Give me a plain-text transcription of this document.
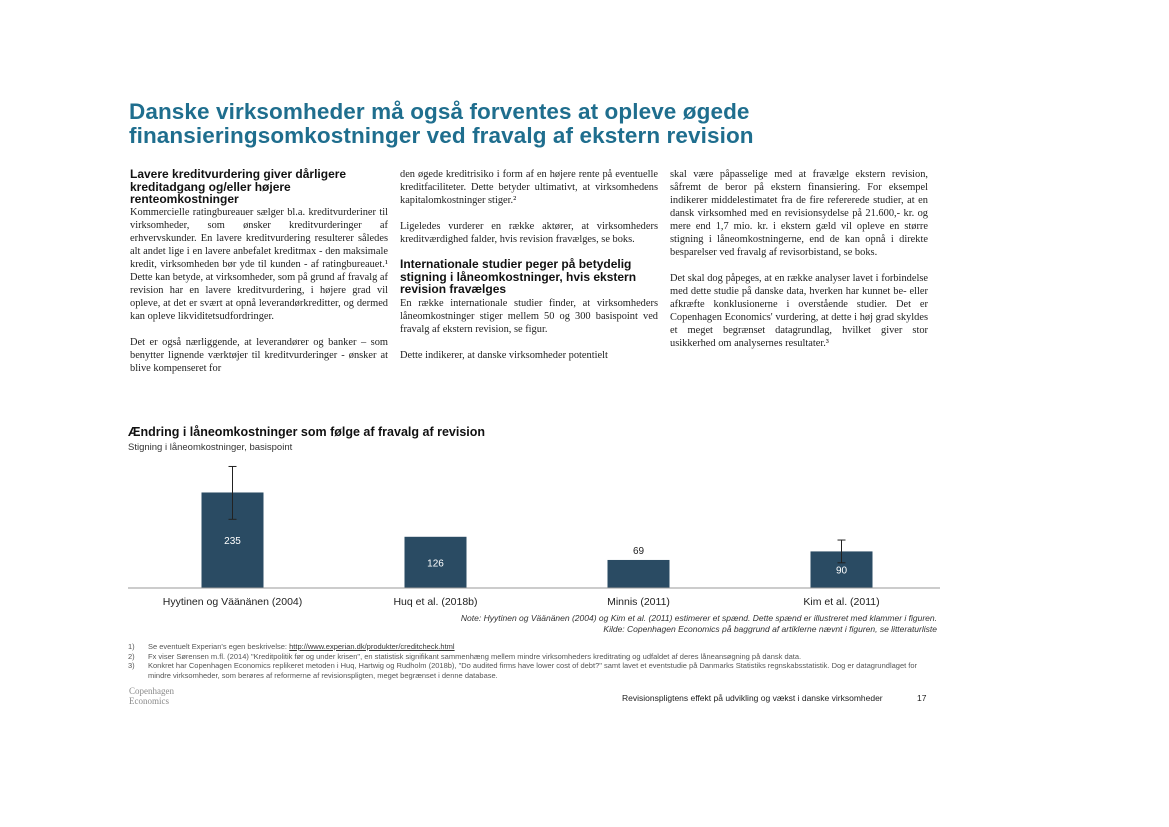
Danske virksomheder må også forventes at opleve øgede
finansieringsomkostninger ved fravalg af ekstern revision
Lavere kreditvurdering giver dårligere kreditadgang og/eller højere renteomkostninger
Kommercielle ratingbureauer sælger bl.a. kreditvurderiner til virksomheder, som ønsker kreditvurderinger af erhvervskunder. En lavere kreditvurdering resulterer således alt andet lige i en lavere anbefalet kreditmax - den maksimale kredit, virksomheden bør yde til kunden - af ratingbureauet.¹ Dette kan betyde, at virksomheder, som på grund af fravalg af revision har en lavere kreditvurdering, i højere grad vil opleve, at det er svært at opnå leverandørkreditter, og dermed kan opleve likviditetsudfordringer.
Det er også nærliggende, at leverandører og banker – som benytter lignende værktøjer til kreditvurderinger - ønsker at blive kompenseret for
den øgede kreditrisiko i form af en højere rente på eventuelle kreditfaciliteter. Dette betyder ultimativt, at virksomhedens kapitalomkostninger stiger.²
Ligeledes vurderer en række aktører, at virksomheders kreditværdighed falder, hvis revision fravælges, se boks.
Internationale studier peger på betydelig stigning i låneomkostninger, hvis ekstern revision fravælges
En række internationale studier finder, at virksomheders låneomkostninger stiger mellem 50 og 300 basispoint ved fravalg af ekstern revision, se figur.
Dette indikerer, at danske virksomheder potentielt
skal være påpasselige med at fravælge ekstern revision, såfremt de beror på ekstern finansiering. For eksempel indikerer middelestimatet fra de fire refererede studier, at en dansk virksomhed med en revisionsydelse på 21.600,- kr. og mere end 1,7 mio. kr. i ekstern gæld vil opleve en større stigning i låneomkostningerne, end de kan opnå i direkte besparelser ved fravalg af revisorbistand, se boks.
Det skal dog påpeges, at en række analyser lavet i forbindelse med dette studie på danske data, hverken har kunnet be- eller afkræfte konklusionerne i overstående studier. Det er Copenhagen Economics' vurdering, at dette i høj grad skyldes et meget begrænset datagrundlag, hvilket giver stor usikkerhed om analysernes resultater.³
Ændring i låneomkostninger som følge af fravalg af revision
Stigning i låneomkostninger, basispoint
235
Hyytinen og Väänänen (2004)
126
Huq et al. (2018b)
69
Minnis (2011)
90
Kim et al. (2011)
Note: Hyytinen og Väänänen (2004) og Kim et al. (2011) estimerer et spænd. Dette spænd er illustreret med klammer i figuren.
Kilde: Copenhagen Economics på baggrund af artiklerne nævnt i figuren, se litteraturliste
1)	Se eventuelt Experian's egen beskrivelse: http://www.experian.dk/produkter/creditcheck.html
2)	Fx viser Sørensen m.fl. (2014) "Kreditpolitik før og under krisen", en statistisk signifikant sammenhæng mellem mindre virksomheders kreditrating og udfaldet af deres låneansøgning på dansk data.
3)	Konkret har Copenhagen Economics replikeret metoden i Huq, Hartwig og Rudholm (2018b), "Do audited firms have lower cost of debt?" samt lavet et eventstudie på Danmarks Statistiks regnskabsstatistik. Dog er datagrundlaget for mindre virksomheder, som berøres af reformerne af revisionspligten, meget begrænset i denne database.
Copenhagen
Economics	Revisionspligtens effekt på udvikling og vækst i danske virksomheder	17
